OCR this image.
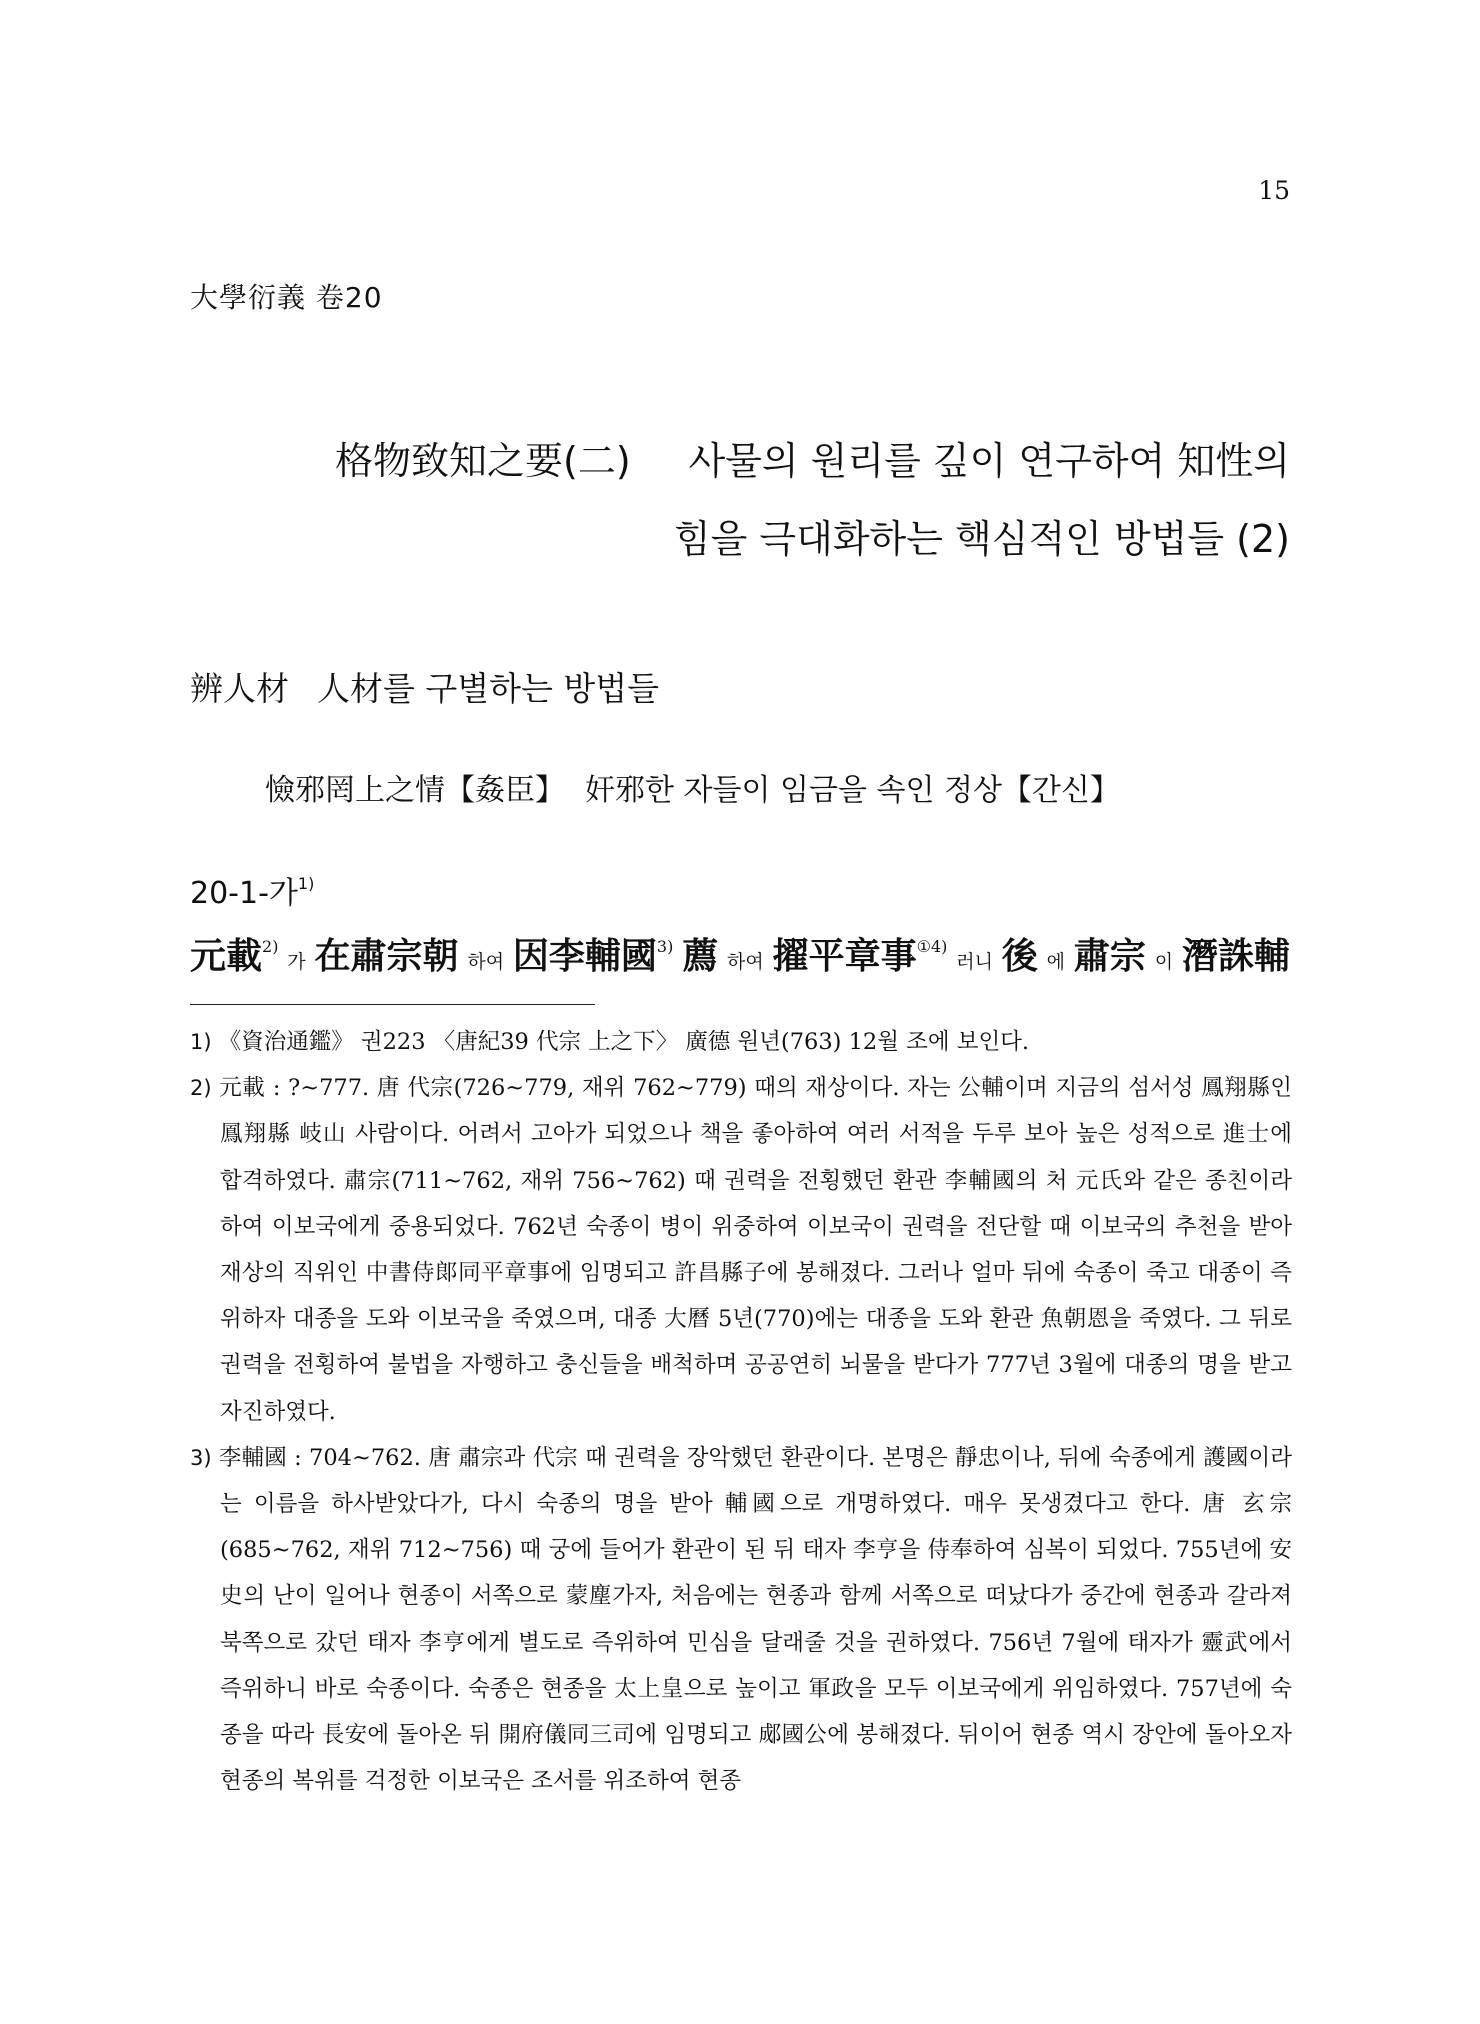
15
大學衍義 卷20
格物致知之要(二) 사물의 원리를 깊이 연구하여 知性의
힘을 극대화하는 핵심적인 방법들 (2)
辨人材 人材를 구별하는 방법들
憸邪罔上之情【姦臣】 奸邪한 자들이 임금을 속인 정상【간신】
20-1-가$^{1)}$
元載$^{2)}$
가 在肅宗朝 하여 因李輔國$^{3)}$ 薦 하여 擢平章事$^{①4)}$
러니 後 에 肅宗 이 潛誅輔
1) 《資治通鑑》 권223 〈唐紀39 代宗 上之下〉 廣德 원년(763) 12월 조에 보인다.
2) 元載 : ?~777. 唐 代宗(726~779, 재위 762~779) 때의 재상이다. 자는 公輔이며 지금의 섬서성 鳳翔縣인 鳳翔縣 岐山 사람이다. 어려서 고아가 되었으나 책을 좋아하여 여러 서적을 두루 보아 높은 성적으로 進士에 합격하였다. 肅宗(711~762, 재위 756~762) 때 권력을 전횡했던 환관 李輔國의 처 元氏와 같은 종친이라 하여 이보국에게 중용되었다. 762년 숙종이 병이 위중하여 이보국이 권력을 전단할 때 이보국의 추천을 받아 재상의 직위인 中書侍郞同平章事에 임명되고 許昌縣子에 봉해졌다. 그러나 얼마 뒤에 숙종이 죽고 대종이 즉위하자 대종을 도와 이보국을 죽였으며, 대종 大曆 5년(770)에는 대종을 도와 환관 魚朝恩을 죽였다. 그 뒤로 권력을 전횡하여 불법을 자행하고 충신들을 배척하며 공공연히 뇌물을 받다가 777년 3월에 대종의 명을 받고 자진하였다.
3) 李輔國 : 704~762. 唐 肅宗과 代宗 때 권력을 장악했던 환관이다. 본명은 靜忠이나, 뒤에 숙종에게 護國이라는 이름을 하사받았다가, 다시 숙종의 명을 받아 輔國으로 개명하였다. 매우 못생겼다고 한다. 唐 玄宗(685~762, 재위 712~756) 때 궁에 들어가 환관이 된 뒤 태자 李亨을 侍奉하여 심복이 되었다. 755년에 安史의 난이 일어나 현종이 서쪽으로 蒙塵가자, 처음에는 현종과 함께 서쪽으로 떠났다가 중간에 현종과 갈라져 북쪽으로 갔던 태자 李亨에게 별도로 즉위하여 민심을 달래줄 것을 권하였다. 756년 7월에 태자가 靈武에서 즉위하니 바로 숙종이다. 숙종은 현종을 太上皇으로 높이고 軍政을 모두 이보국에게 위임하였다. 757년에 숙종을 따라 長安에 돌아온 뒤 開府儀同三司에 임명되고 郕國公에 봉해졌다. 뒤이어 현종 역시 장안에 돌아오자 현종의 복위를 걱정한 이보국은 조서를 위조하여 현종
